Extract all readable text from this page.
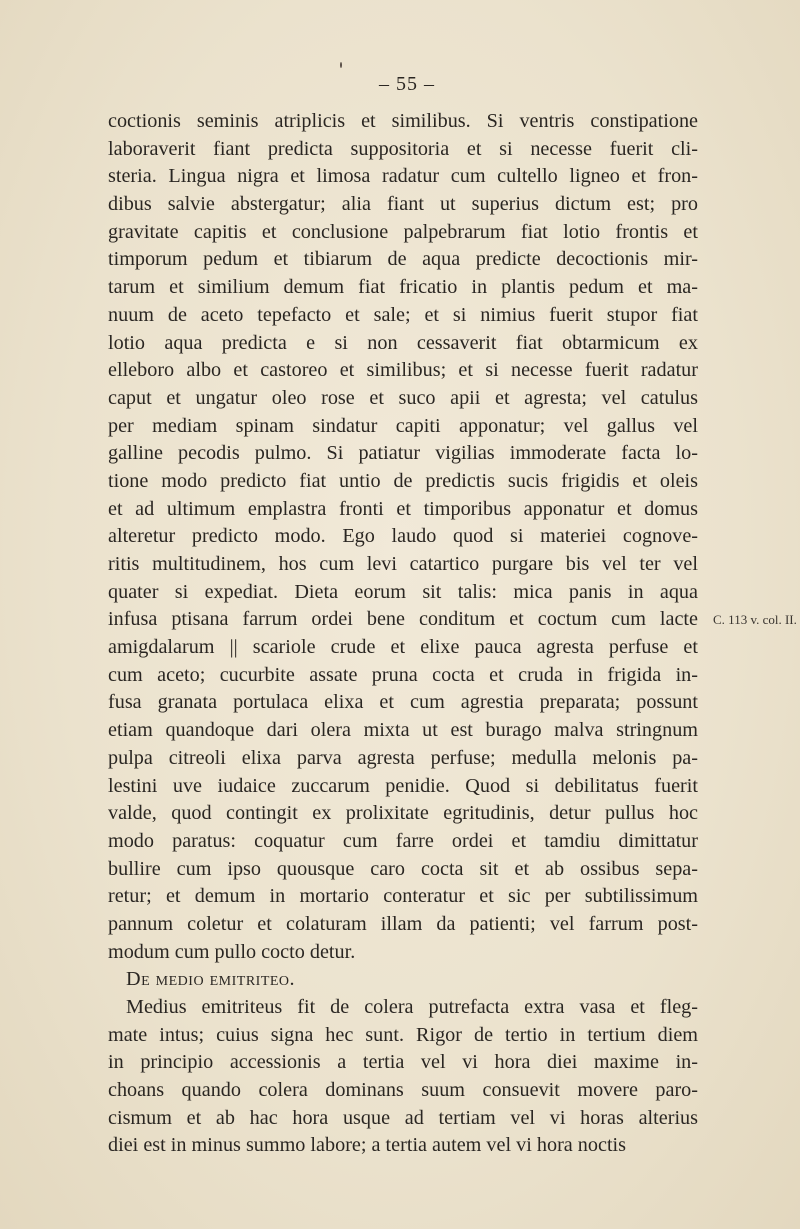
– 55 –
coctionis seminis atriplicis et similibus. Si ventris constipatione
laboraverit fiant predicta suppositoria et si necesse fuerit cli-
steria. Lingua nigra et limosa radatur cum cultello ligneo et fron-
dibus salvie abstergatur; alia fiant ut superius dictum est; pro
gravitate capitis et conclusione palpebrarum fiat lotio frontis et
timporum pedum et tibiarum de aqua predicte decoctionis mir-
tarum et similium demum fiat fricatio in plantis pedum et ma-
nuum de aceto tepefacto et sale; et si nimius fuerit stupor fiat
lotio aqua predicta e si non cessaverit fiat obtarmicum ex
elleboro albo et castoreo et similibus; et si necesse fuerit radatur
caput et ungatur oleo rose et suco apii et agresta; vel catulus
per mediam spinam sindatur capiti apponatur; vel gallus vel
galline pecodis pulmo. Si patiatur vigilias immoderate facta lo-
tione modo predicto fiat untio de predictis sucis frigidis et oleis
et ad ultimum emplastra fronti et timporibus apponatur et domus
alteretur predicto modo. Ego laudo quod si materiei cognove-
ritis multitudinem, hos cum levi catartico purgare bis vel ter vel
quater si expediat. Dieta eorum sit talis: mica panis in aqua
infusa ptisana farrum ordei bene conditum et coctum cum lacte
amigdalarum || scariole crude et elixe pauca agresta perfuse et
cum aceto; cucurbite assate pruna cocta et cruda in frigida in-
fusa granata portulaca elixa et cum agrestia preparata; possunt
etiam quandoque dari olera mixta ut est burago malva stringnum
pulpa citreoli elixa parva agresta perfuse; medulla melonis pa-
lestini uve iudaice zuccarum penidie. Quod si debilitatus fuerit
valde, quod contingit ex prolixitate egritudinis, detur pullus hoc
modo paratus: coquatur cum farre ordei et tamdiu dimittatur
bullire cum ipso quousque caro cocta sit et ab ossibus sepa-
retur; et demum in mortario conteratur et sic per subtilissimum
pannum coletur et colaturam illam da patienti; vel farrum post-
modum cum pullo cocto detur.
De medio emitriteo.
Medius emitriteus fit de colera putrefacta extra vasa et fleg-
mate intus; cuius signa hec sunt. Rigor de tertio in tertium diem
in principio accessionis a tertia vel vi hora diei maxime in-
choans quando colera dominans suum consuevit movere paro-
cismum et ab hac hora usque ad tertiam vel vi horas alterius
diei est in minus summo labore; a tertia autem vel vi hora noctis
C. 113 v. col. II.
